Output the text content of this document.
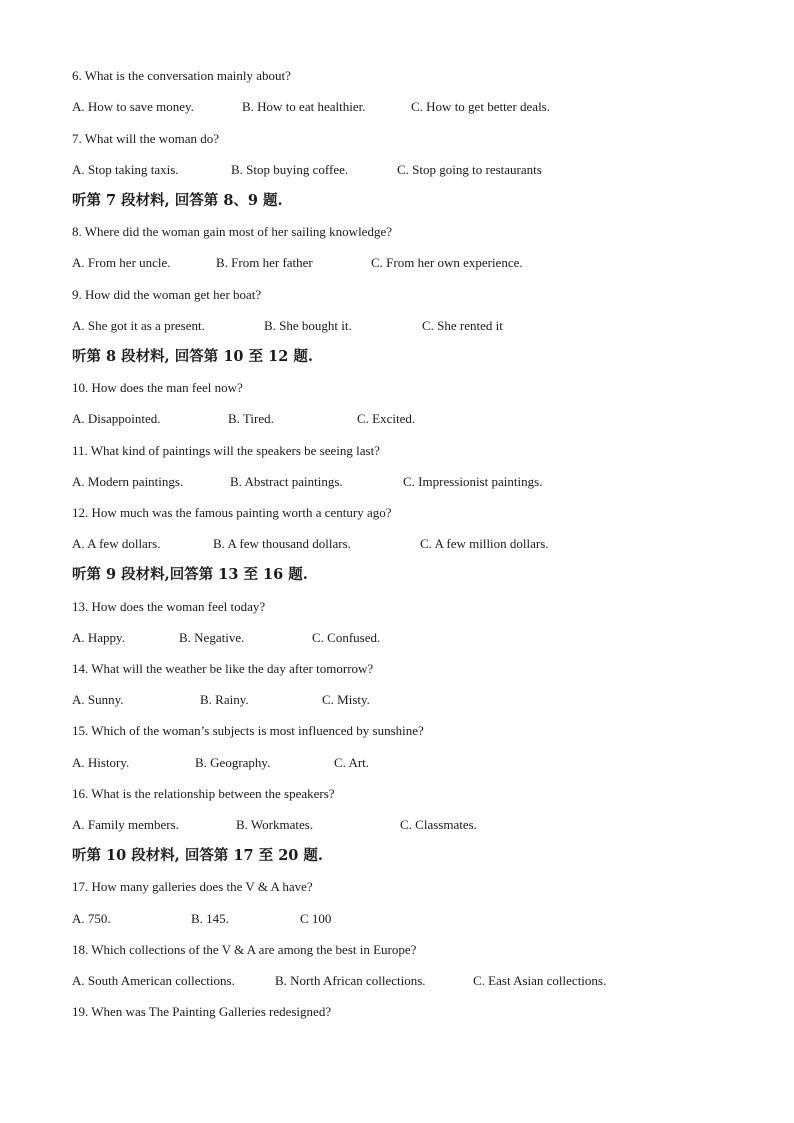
6. What is the conversation mainly about?
A. How to save money.	B. How to eat healthier.	C. How to get better deals.
7. What will the woman do?
A. Stop taking taxis.	B. Stop buying coffee.	C. Stop going to restaurants
听第 7 段材料, 回答第 8、9 题.
8. Where did the woman gain most of her sailing knowledge?
A. From her uncle.	B. From her father	C. From her own experience.
9. How did the woman get her boat?
A. She got it as a present.	B. She bought it.	C. She rented it
听第 8 段材料, 回答第 10 至 12 题.
10. How does the man feel now?
A. Disappointed.	B. Tired.	C. Excited.
11. What kind of paintings will the speakers be seeing last?
A. Modern paintings.	B. Abstract paintings.	C. Impressionist paintings.
12. How much was the famous painting worth a century ago?
A. A few dollars.	B. A few thousand dollars.	C. A few million dollars.
听第 9 段材料,回答第 13 至 16 题.
13. How does the woman feel today?
A. Happy.	B. Negative.	C. Confused.
14. What will the weather be like the day after tomorrow?
A. Sunny.	B. Rainy.	C. Misty.
15. Which of the woman’s subjects is most influenced by sunshine?
A. History.	B. Geography.	C. Art.
16. What is the relationship between the speakers?
A. Family members.	B. Workmates.	C. Classmates.
听第 10 段材料, 回答第 17 至 20 题.
17. How many galleries does the V & A have?
A. 750.	B. 145.	C 100
18. Which collections of the V & A are among the best in Europe?
A. South American collections.	B. North African collections.	C. East Asian collections.
19. When was The Painting Galleries redesigned?
